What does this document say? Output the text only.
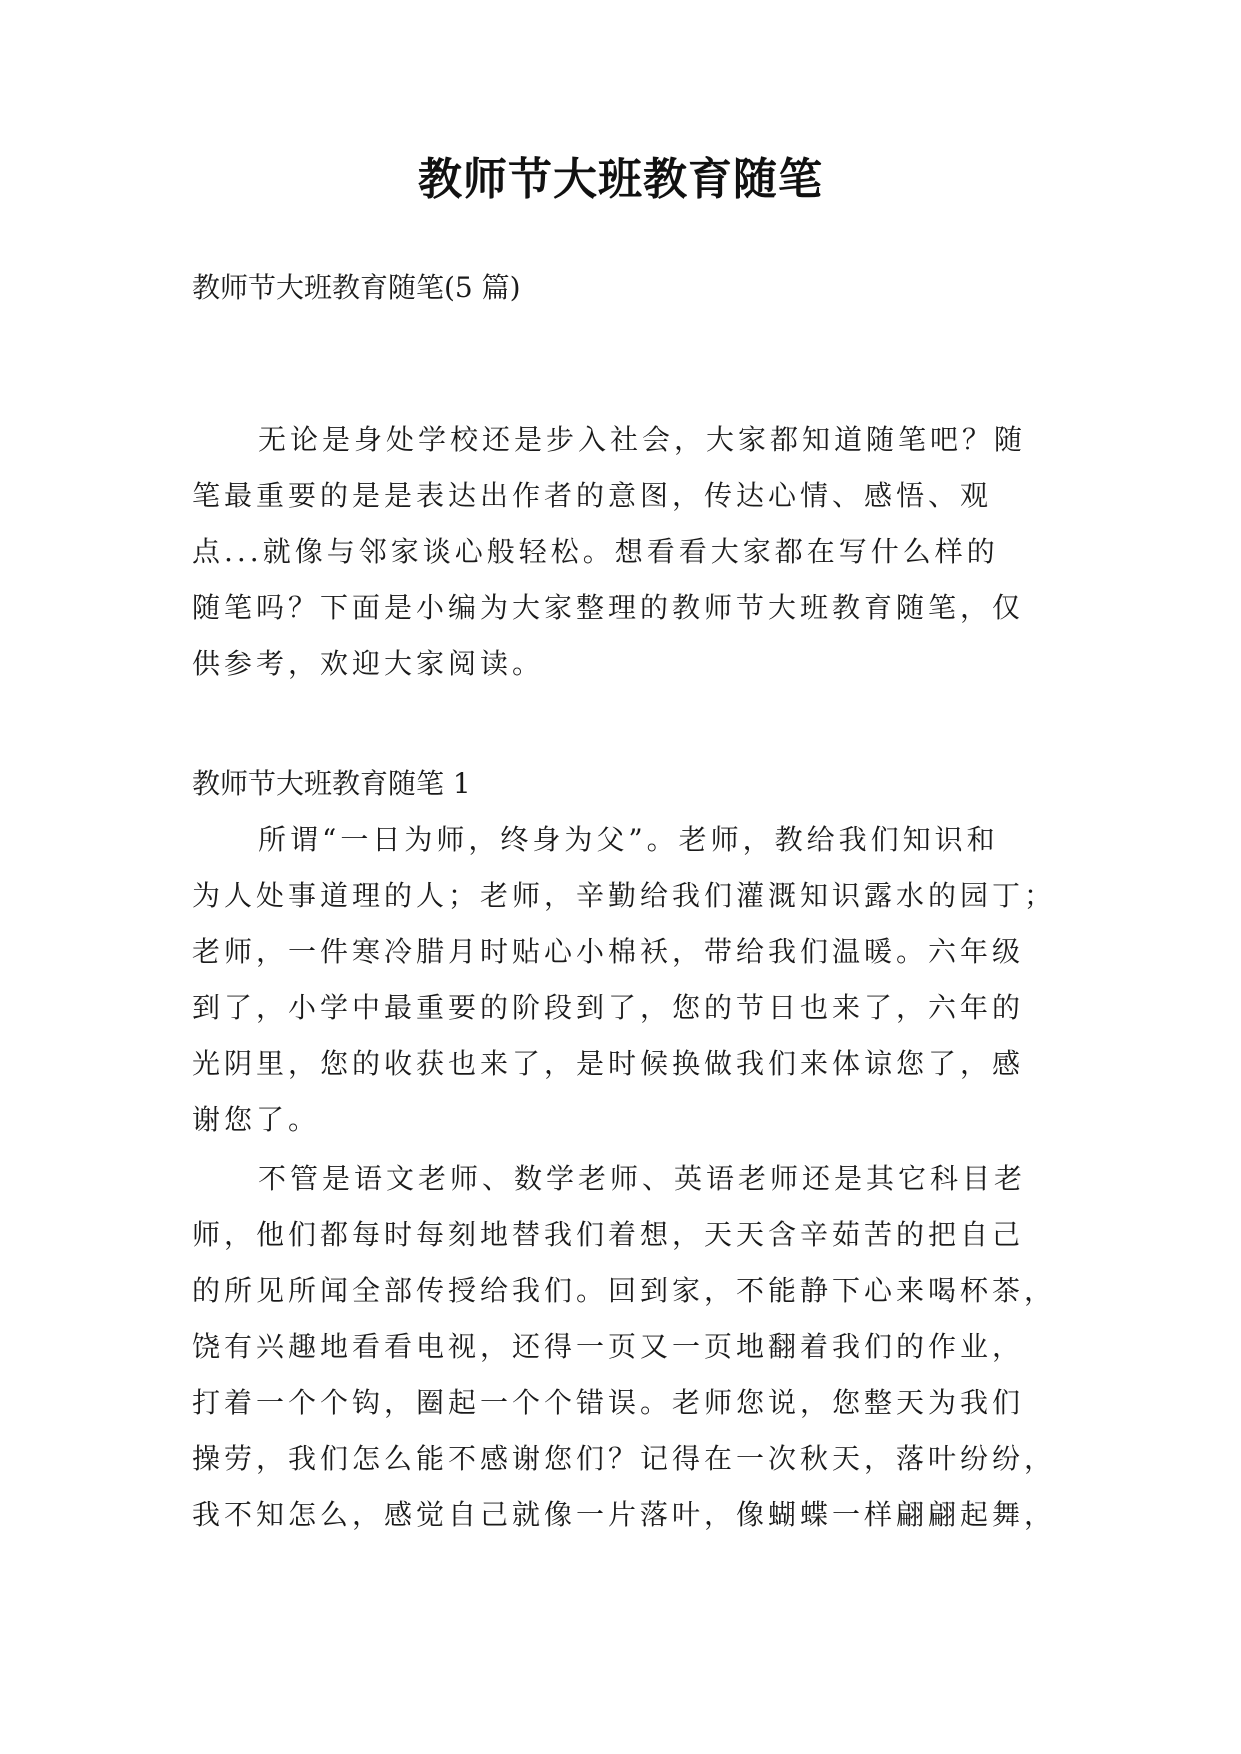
教师节大班教育随笔
教师节大班教育随笔(5 篇)
无论是身处学校还是步入社会，大家都知道随笔吧？随
笔最重要的是是表达出作者的意图，传达心情、感悟、观
点...就像与邻家谈心般轻松。想看看大家都在写什么样的
随笔吗？下面是小编为大家整理的教师节大班教育随笔，仅
供参考，欢迎大家阅读。
教师节大班教育随笔 1
所谓“一日为师，终身为父”。老师，教给我们知识和
为人处事道理的人；老师，辛勤给我们灌溉知识露水的园丁；
老师，一件寒冷腊月时贴心小棉袄，带给我们温暖。六年级
到了，小学中最重要的阶段到了，您的节日也来了，六年的
光阴里，您的收获也来了，是时候换做我们来体谅您了，感
谢您了。
不管是语文老师、数学老师、英语老师还是其它科目老
师，他们都每时每刻地替我们着想，天天含辛茹苦的把自己
的所见所闻全部传授给我们。回到家，不能静下心来喝杯茶，
饶有兴趣地看看电视，还得一页又一页地翻着我们的作业，
打着一个个钩，圈起一个个错误。老师您说，您整天为我们
操劳，我们怎么能不感谢您们？记得在一次秋天，落叶纷纷，
我不知怎么，感觉自己就像一片落叶，像蝴蝶一样翩翩起舞，
